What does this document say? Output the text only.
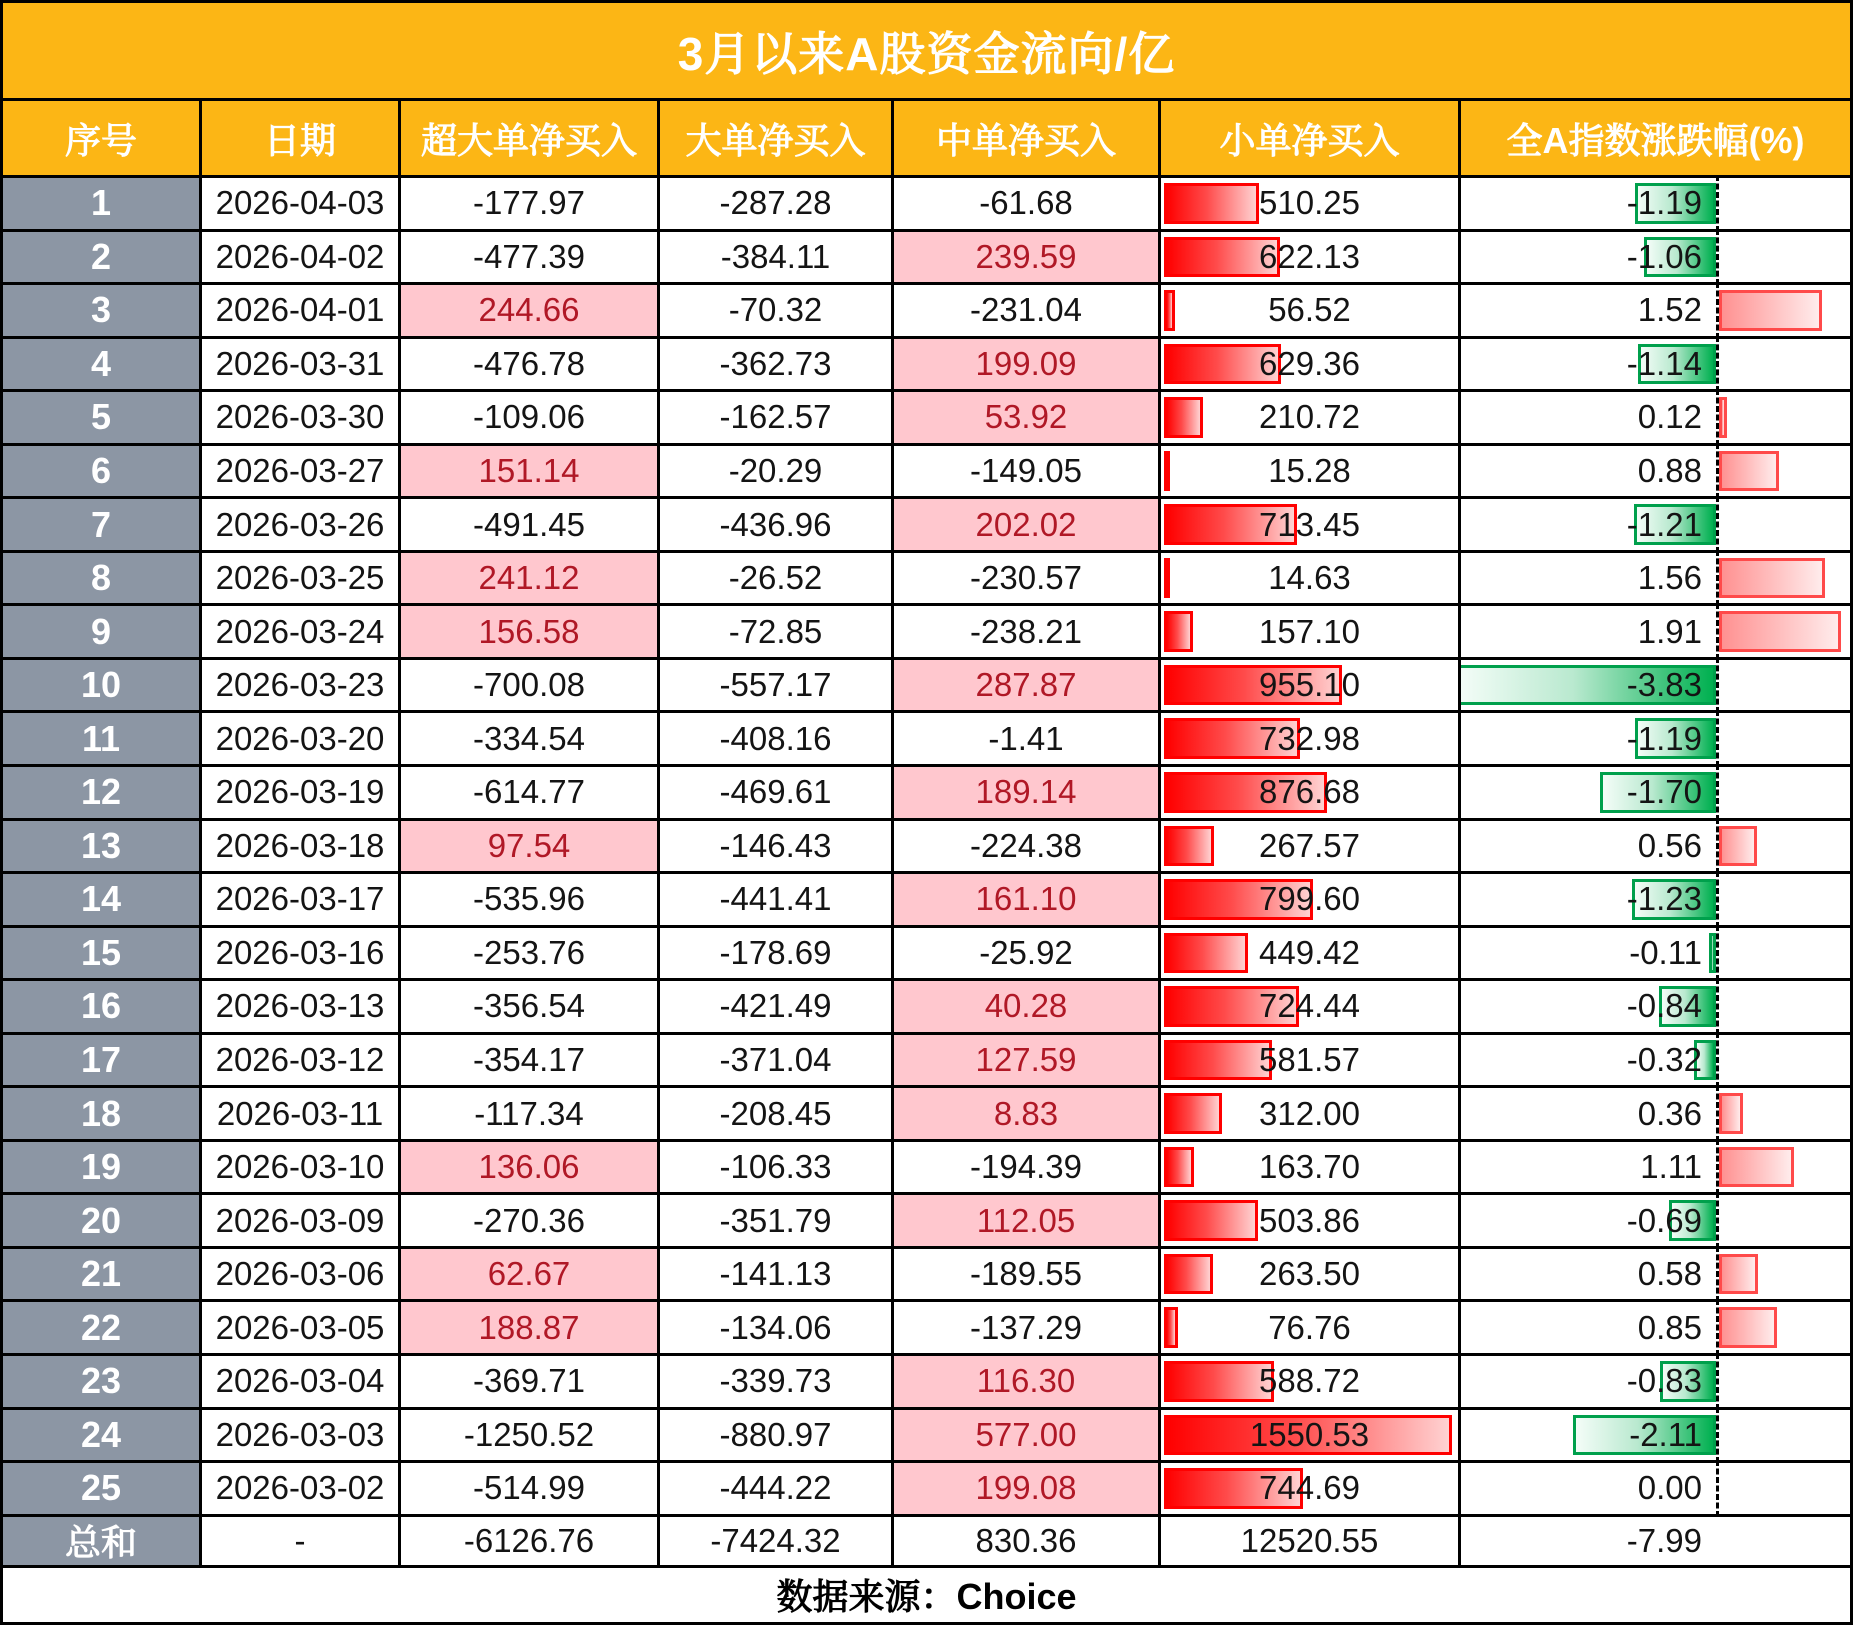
3月以来A股资金流向/亿
序号	日期	超大单净买入	大单净买入	中单净买入	小单净买入	全A指数涨跌幅(%)
1	2026-04-03	-177.97	-287.28	-61.68	510.25	-1.19
2	2026-04-02	-477.39	-384.11	239.59	622.13	-1.06
3	2026-04-01	244.66	-70.32	-231.04	56.52	1.52
4	2026-03-31	-476.78	-362.73	199.09	629.36	-1.14
5	2026-03-30	-109.06	-162.57	53.92	210.72	0.12
6	2026-03-27	151.14	-20.29	-149.05	15.28	0.88
7	2026-03-26	-491.45	-436.96	202.02	713.45	-1.21
8	2026-03-25	241.12	-26.52	-230.57	14.63	1.56
9	2026-03-24	156.58	-72.85	-238.21	157.10	1.91
10	2026-03-23	-700.08	-557.17	287.87	955.10	-3.83
11	2026-03-20	-334.54	-408.16	-1.41	732.98	-1.19
12	2026-03-19	-614.77	-469.61	189.14	876.68	-1.70
13	2026-03-18	97.54	-146.43	-224.38	267.57	0.56
14	2026-03-17	-535.96	-441.41	161.10	799.60	-1.23
15	2026-03-16	-253.76	-178.69	-25.92	449.42	-0.11
16	2026-03-13	-356.54	-421.49	40.28	724.44	-0.84
17	2026-03-12	-354.17	-371.04	127.59	581.57	-0.32
18	2026-03-11	-117.34	-208.45	8.83	312.00	0.36
19	2026-03-10	136.06	-106.33	-194.39	163.70	1.11
20	2026-03-09	-270.36	-351.79	112.05	503.86	-0.69
21	2026-03-06	62.67	-141.13	-189.55	263.50	0.58
22	2026-03-05	188.87	-134.06	-137.29	76.76	0.85
23	2026-03-04	-369.71	-339.73	116.30	588.72	-0.83
24	2026-03-03	-1250.52	-880.97	577.00	1550.53	-2.11
25	2026-03-02	-514.99	-444.22	199.08	744.69	0.00
总和	-	-6126.76	-7424.32	830.36	12520.55	-7.99
数据来源：Choice
